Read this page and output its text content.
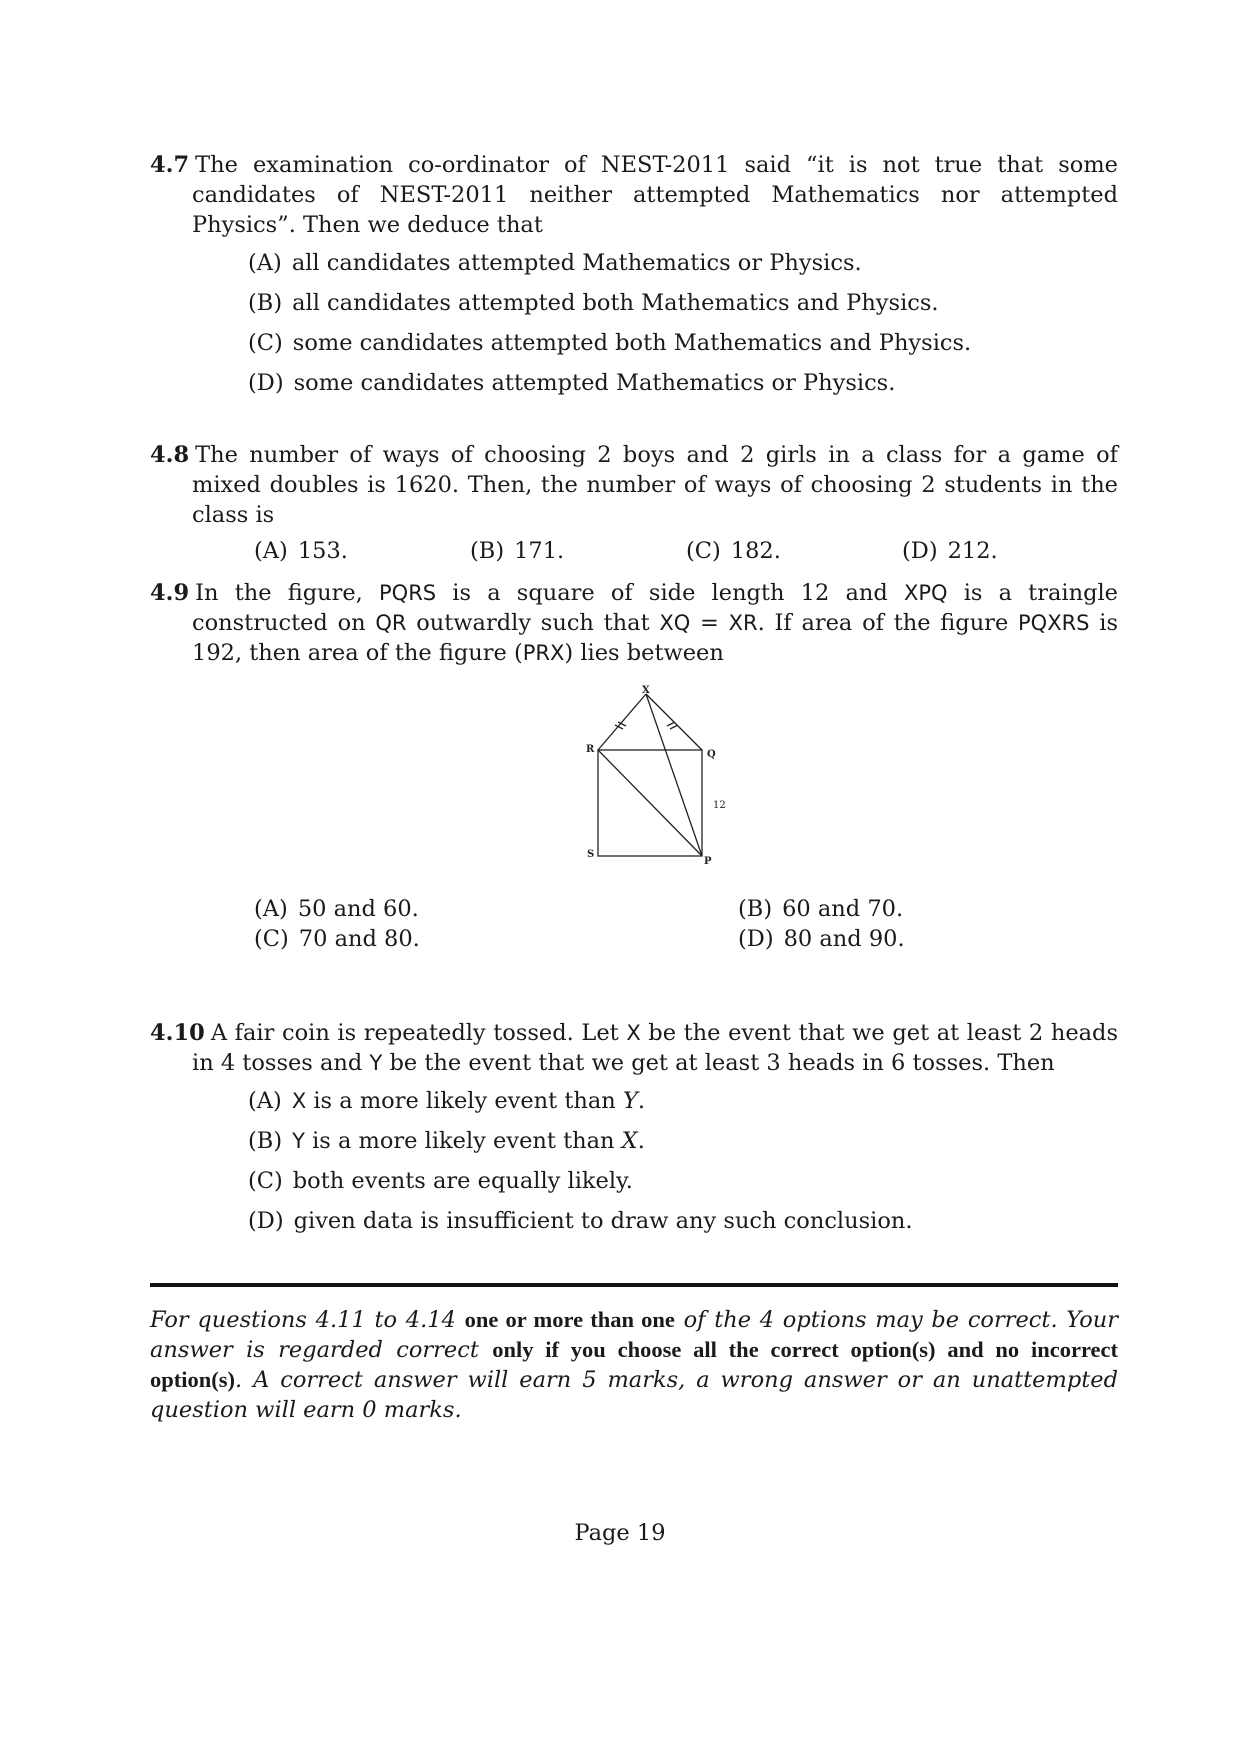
4.7 The examination co-ordinator of NEST-2011 said “it is not true that some candidates of NEST-2011 neither attempted Mathematics nor attempted Physics”. Then we deduce that
(A) all candidates attempted Mathematics or Physics.
(B) all candidates attempted both Mathematics and Physics.
(C) some candidates attempted both Mathematics and Physics.
(D) some candidates attempted Mathematics or Physics.
4.8 The number of ways of choosing 2 boys and 2 girls in a class for a game of mixed doubles is 1620. Then, the number of ways of choosing 2 students in the class is
(A) 153.	(B) 171.	(C) 182.	(D) 212.
4.9 In the figure, PQRS is a square of side length 12 and XPQ is a traingle constructed on QR outwardly such that XQ = XR. If area of the figure PQXRS is 192, then area of the figure (PRX) lies between
X
R	Q
S
P
12
(A) 50 and 60.	(B) 60 and 70.
(C) 70 and 80.	(D) 80 and 90.
4.10 A fair coin is repeatedly tossed. Let X be the event that we get at least 2 heads in 4 tosses and Y be the event that we get at least 3 heads in 6 tosses. Then
(A) X is a more likely event than Y.
(B) Y is a more likely event than X.
(C) both events are equally likely.
(D) given data is insufficient to draw any such conclusion.
For questions 4.11 to 4.14 one or more than one of the 4 options may be correct. Your answer is regarded correct only if you choose all the correct option(s) and no incorrect option(s). A correct answer will earn 5 marks, a wrong answer or an unattempted question will earn 0 marks.
Page 19
